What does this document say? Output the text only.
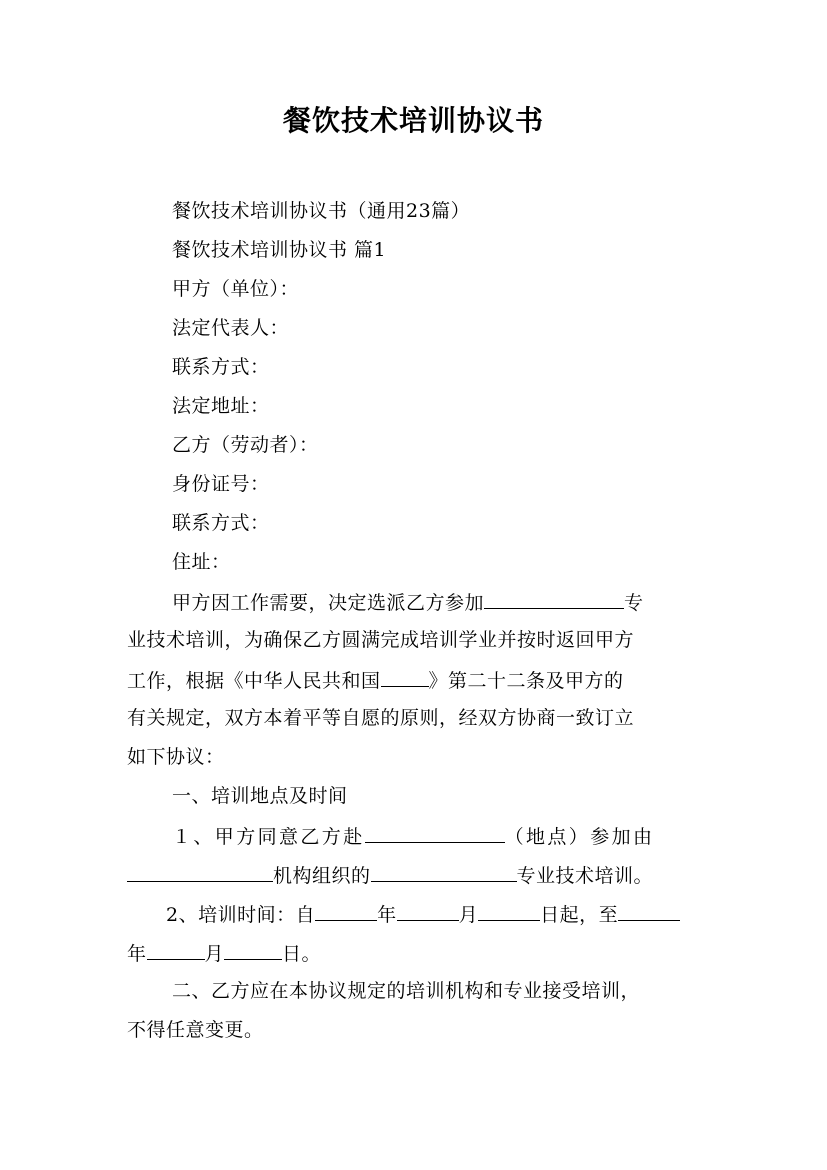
餐饮技术培训协议书
餐饮技术培训协议书（通用23篇）
餐饮技术培训协议书 篇1
甲方（单位）：
法定代表人：
联系方式：
法定地址：
乙方（劳动者）：
身份证号：
联系方式：
住址：
甲方因工作需要，决定选派乙方参加	专
业技术培训，为确保乙方圆满完成培训学业并按时返回甲方
工作，根据《中华人民共和国	》第二十二条及甲方的
有关规定，双方本着平等自愿的原则，经双方协商一致订立
如下协议：
一、培训地点及时间
１、甲方同意乙方赴	（地点）参加由
机构组织的	专业技术培训。
2、培训时间：自	年	月	日起，至
年	月	日。
二、乙方应在本协议规定的培训机构和专业接受培训，
不得任意变更。
